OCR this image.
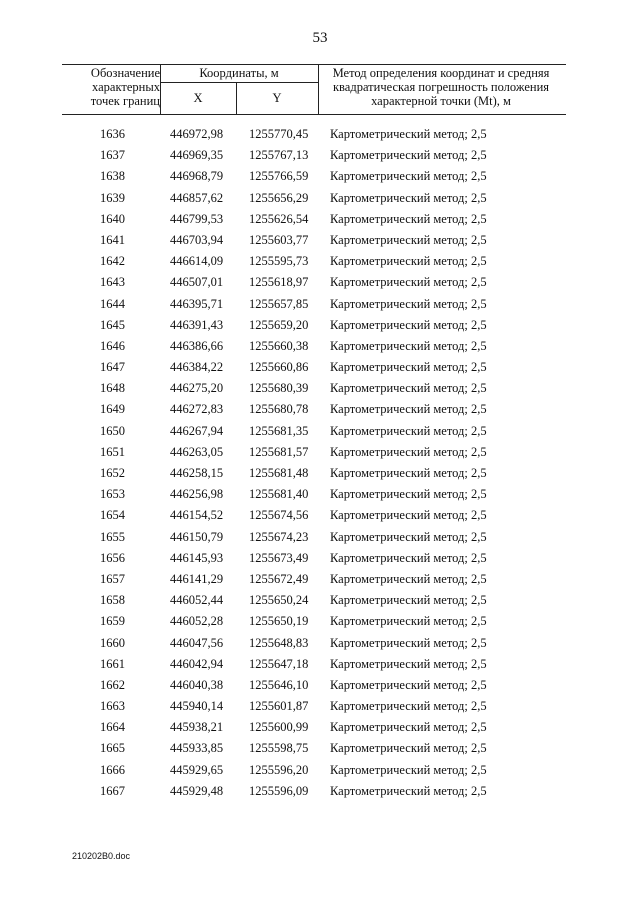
53
Обозначение
характерных
точек границ
Координаты, м
X	Y
Метод определения координат и средняя
квадратическая погрешность положения
характерной точки (Mt), м
1636	446972,98 1255770,45 Картометрический метод; 2,5
1637	446969,35 1255767,13 Картометрический метод; 2,5
1638	446968,79 1255766,59 Картометрический метод; 2,5
1639	446857,62 1255656,29 Картометрический метод; 2,5
1640	446799,53 1255626,54 Картометрический метод; 2,5
1641	446703,94 1255603,77 Картометрический метод; 2,5
1642	446614,09 1255595,73 Картометрический метод; 2,5
1643	446507,01 1255618,97 Картометрический метод; 2,5
1644	446395,71 1255657,85 Картометрический метод; 2,5
1645	446391,43 1255659,20 Картометрический метод; 2,5
1646	446386,66 1255660,38 Картометрический метод; 2,5
1647	446384,22 1255660,86 Картометрический метод; 2,5
1648	446275,20 1255680,39 Картометрический метод; 2,5
1649	446272,83 1255680,78 Картометрический метод; 2,5
1650	446267,94 1255681,35 Картометрический метод; 2,5
1651	446263,05 1255681,57 Картометрический метод; 2,5
1652	446258,15 1255681,48 Картометрический метод; 2,5
1653	446256,98 1255681,40 Картометрический метод; 2,5
1654	446154,52 1255674,56 Картометрический метод; 2,5
1655	446150,79 1255674,23 Картометрический метод; 2,5
1656	446145,93 1255673,49 Картометрический метод; 2,5
1657	446141,29 1255672,49 Картометрический метод; 2,5
1658	446052,44 1255650,24 Картометрический метод; 2,5
1659	446052,28 1255650,19 Картометрический метод; 2,5
1660	446047,56 1255648,83 Картометрический метод; 2,5
1661	446042,94 1255647,18 Картометрический метод; 2,5
1662	446040,38 1255646,10 Картометрический метод; 2,5
1663	445940,14 1255601,87 Картометрический метод; 2,5
1664	445938,21 1255600,99 Картометрический метод; 2,5
1665	445933,85 1255598,75 Картометрический метод; 2,5
1666	445929,65 1255596,20 Картометрический метод; 2,5
1667	445929,48 1255596,09 Картометрический метод; 2,5
210202B0.doc
